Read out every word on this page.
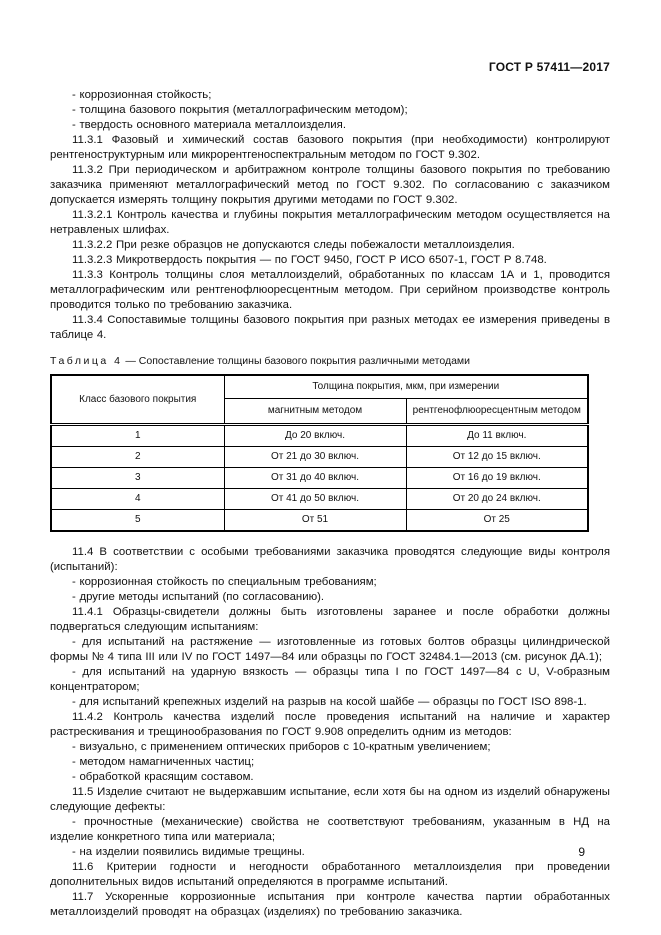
ГОСТ Р 57411—2017

- коррозионная стойкость;

- толщина базового покрытия (металлографическим методом);

- твердость основного материала металлоизделия.

11.3.1 Фазовый и химический состав базового покрытия (при необходимости) контролируют рентгеноструктурным или микрорентгеноспектральным методом по ГОСТ 9.302.

11.3.2 При периодическом и арбитражном контроле толщины базового покрытия по требованию заказчика применяют металлографический метод по ГОСТ 9.302. По согласованию с заказчиком допускается измерять толщину покрытия другими методами по ГОСТ 9.302.

11.3.2.1 Контроль качества и глубины покрытия металлографическим методом осуществляется на нетравленых шлифах.

11.3.2.2 При резке образцов не допускаются следы побежалости металлоизделия.

11.3.2.3 Микротвердость покрытия — по ГОСТ 9450, ГОСТ Р ИСО 6507-1, ГОСТ Р 8.748.

11.3.3 Контроль толщины слоя металлоизделий, обработанных по классам 1А и 1, проводится металлографическим или рентгенофлюоресцентным методом. При серийном производстве контроль проводится только по требованию заказчика.

11.3.4 Сопоставимые толщины базового покрытия при разных методах ее измерения приведены в таблице 4.

Таблица 4 — Сопоставление толщины базового покрытия различными методами
Класс базового покрытия	Толщина покрытия, мкм, при измерении	
	магнитным методом	рентгенофлюоресцентным методом
1	До 20 включ.	До 11 включ.
2	От 21 до 30 включ.	От 12 до 15 включ.
3	От 31 до 40 включ.	От 16 до 19 включ.
4	От 41 до 50 включ.	От 20 до 24 включ.
5	От 51	От 25

11.4 В соответствии с особыми требованиями заказчика проводятся следующие виды контроля (испытаний):

- коррозионная стойкость по специальным требованиям;

- другие методы испытаний (по согласованию).

11.4.1 Образцы-свидетели должны быть изготовлены заранее и после обработки должны подвергаться следующим испытаниям:

- для испытаний на растяжение — изготовленные из готовых болтов образцы цилиндрической формы № 4 типа III или IV по ГОСТ 1497—84 или образцы по ГОСТ 32484.1—2013 (см. рисунок ДА.1);

- для испытаний на ударную вязкость — образцы типа I по ГОСТ 1497—84 с U, V-образным концентратором;

- для испытаний крепежных изделий на разрыв на косой шайбе — образцы по ГОСТ ISO 898-1.

11.4.2 Контроль качества изделий после проведения испытаний на наличие и характер растрескивания и трещинообразования по ГОСТ 9.908 определить одним из методов:

- визуально, с применением оптических приборов с 10-кратным увеличением;

- методом намагниченных частиц;

- обработкой красящим составом.

11.5 Изделие считают не выдержавшим испытание, если хотя бы на одном из изделий обнаружены следующие дефекты:

- прочностные (механические) свойства не соответствуют требованиям, указанным в НД на изделие конкретного типа или материала;

- на изделии появились видимые трещины.

11.6 Критерии годности и негодности обработанного металлоизделия при проведении дополнительных видов испытаний определяются в программе испытаний.

11.7 Ускоренные коррозионные испытания при контроле качества партии обработанных металлоизделий проводят на образцах (изделиях) по требованию заказчика.

9
